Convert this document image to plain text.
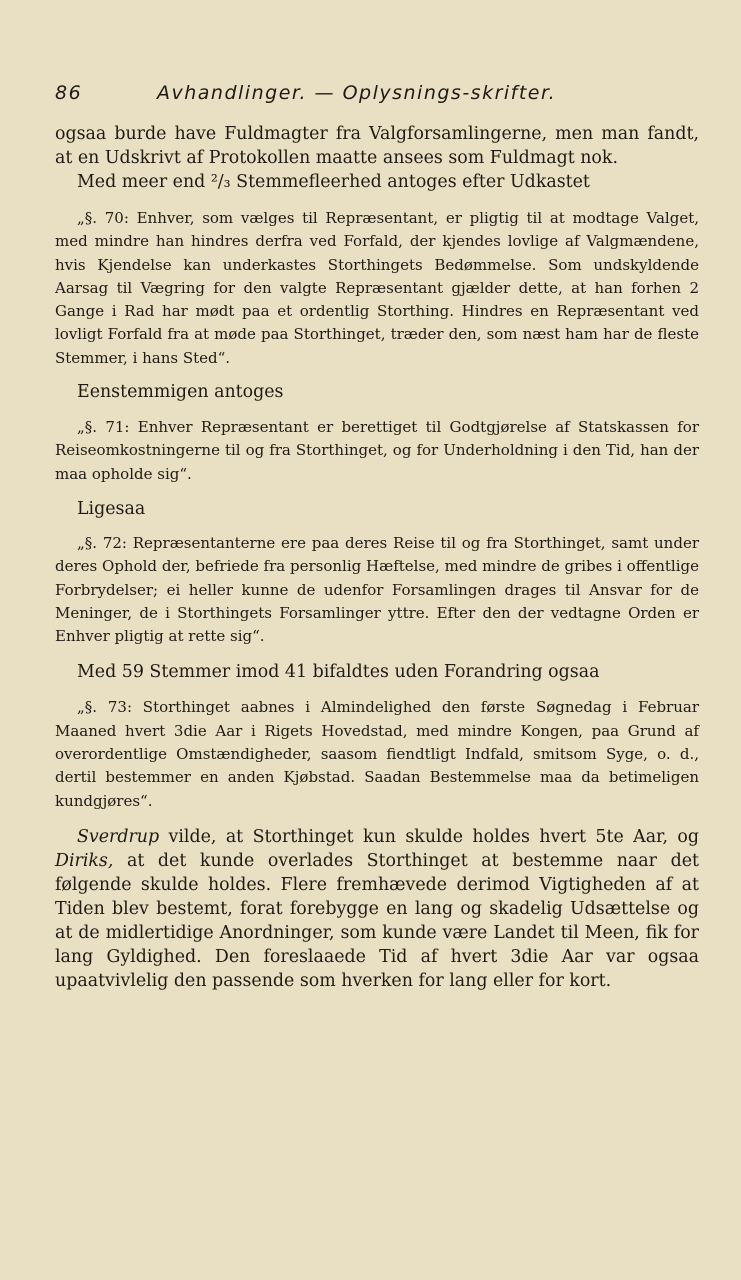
86	Avhandlinger. — Oplysnings-skrifter.

ogsaa burde have Fuldmagter fra Valgforsamlingerne, men man fandt, at en Udskrivt af Protokollen maatte ansees som Fuldmagt nok.

Med meer end ²/₃ Stemmefleerhed antoges efter Udkastet

„§. 70: Enhver, som vælges til Repræsentant, er pligtig til at modtage Valget, med mindre han hindres derfra ved Forfald, der kjendes lovlige af Valgmændene, hvis Kjendelse kan underkastes Storthingets Bedømmelse. Som undskyldende Aarsag til Vægring for den valgte Repræsentant gjælder dette, at han forhen 2 Gange i Rad har mødt paa et ordentlig Storthing. Hindres en Repræsentant ved lovligt Forfald fra at møde paa Storthinget, træder den, som næst ham har de fleste Stemmer, i hans Sted“.

Eenstemmigen antoges

„§. 71: Enhver Repræsentant er berettiget til Godtgjørelse af Statskassen for Reiseomkostningerne til og fra Storthinget, og for Underholdning i den Tid, han der maa opholde sig“.

Ligesaa

„§. 72: Repræsentanterne ere paa deres Reise til og fra Storthinget, samt under deres Ophold der, befriede fra personlig Hæftelse, med mindre de gribes i offentlige Forbrydelser; ei heller kunne de udenfor Forsamlingen drages til Ansvar for de Meninger, de i Storthingets Forsamlinger yttre. Efter den der vedtagne Orden er Enhver pligtig at rette sig“.

Med 59 Stemmer imod 41 bifaldtes uden Forandring ogsaa

„§. 73: Storthinget aabnes i Almindelighed den første Søgnedag i Februar Maaned hvert 3die Aar i Rigets Hovedstad, med mindre Kongen, paa Grund af overordentlige Omstændigheder, saasom fiendtligt Indfald, smitsom Syge, o. d., dertil bestemmer en anden Kjøbstad. Saadan Bestemmelse maa da betimeligen kundgjøres“.

Sverdrup vilde, at Storthinget kun skulde holdes hvert 5te Aar, og Diriks, at det kunde overlades Storthinget at bestemme naar det følgende skulde holdes. Flere fremhævede derimod Vigtigheden af at Tiden blev bestemt, forat forebygge en lang og skadelig Udsættelse og at de midlertidige Anordninger, som kunde være Landet til Meen, fik for lang Gyldighed. Den foreslaaede Tid af hvert 3die Aar var ogsaa upaatvivlelig den passende som hverken for lang eller for kort.
